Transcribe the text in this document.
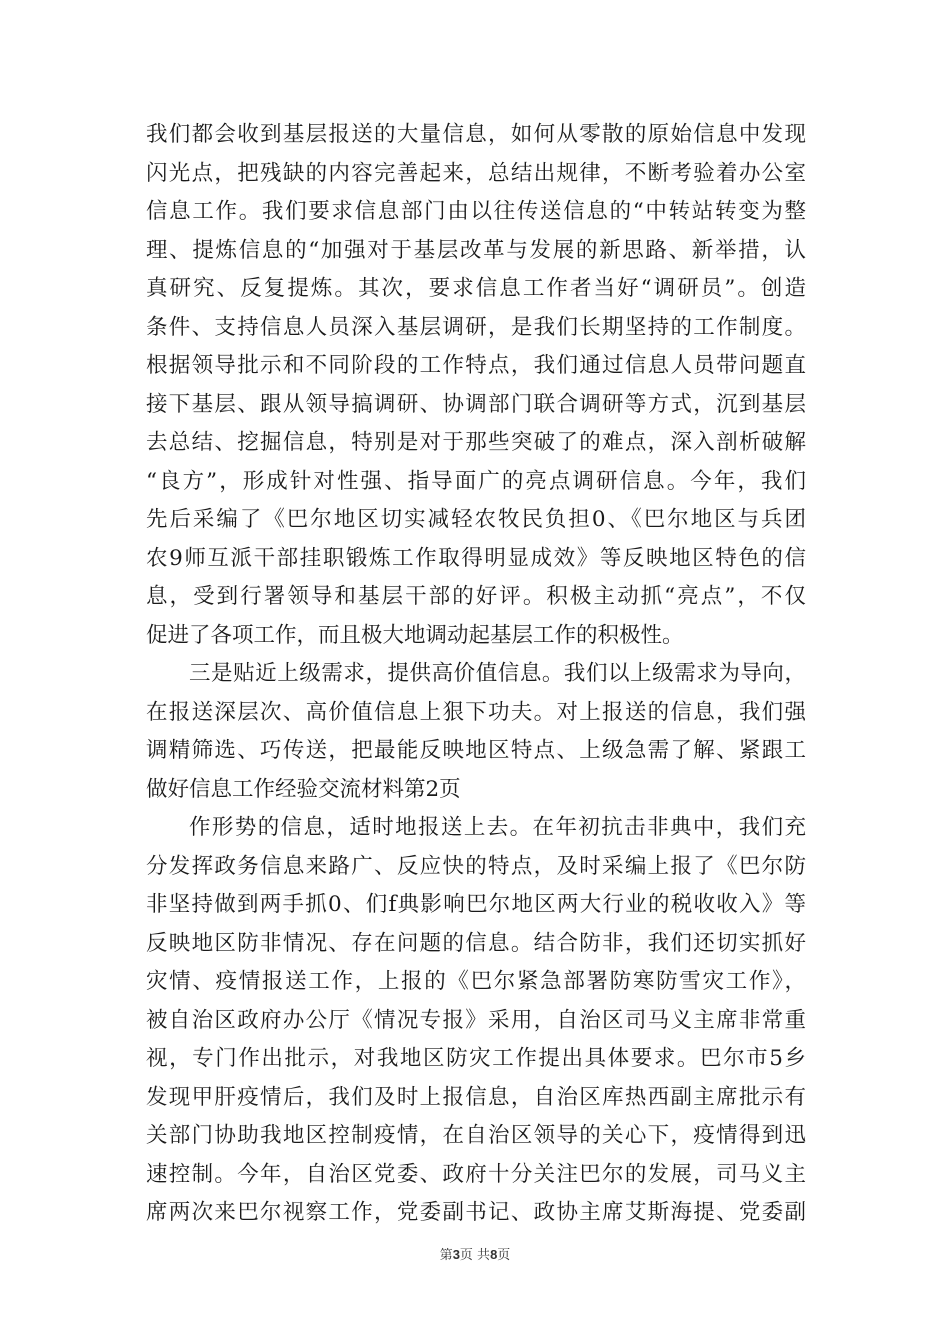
我们都会收到基层报送的大量信息，如何从零散的原始信息中发现
闪光点，把残缺的内容完善起来，总结出规律，不断考验着办公室
信息工作。我们要求信息部门由以往传送信息的“中转站转变为整
理、提炼信息的“加强对于基层改革与发展的新思路、新举措，认
真研究、反复提炼。其次，要求信息工作者当好“调研员”。创造
条件、支持信息人员深入基层调研，是我们长期坚持的工作制度。
根据领导批示和不同阶段的工作特点，我们通过信息人员带问题直
接下基层、跟从领导搞调研、协调部门联合调研等方式，沉到基层
去总结、挖掘信息，特别是对于那些突破了的难点，深入剖析破解
“良方”，形成针对性强、指导面广的亮点调研信息。今年，我们
先后采编了《巴尔地区切实减轻农牧民负担0、《巴尔地区与兵团
农9师互派干部挂职锻炼工作取得明显成效》等反映地区特色的信
息，受到行署领导和基层干部的好评。积极主动抓“亮点”，不仅
促进了各项工作，而且极大地调动起基层工作的积极性。
三是贴近上级需求，提供高价值信息。我们以上级需求为导向，
在报送深层次、高价值信息上狠下功夫。对上报送的信息，我们强
调精筛选、巧传送，把最能反映地区特点、上级急需了解、紧跟工
做好信息工作经验交流材料第2页
作形势的信息，适时地报送上去。在年初抗击非典中，我们充
分发挥政务信息来路广、反应快的特点，及时采编上报了《巴尔防
非坚持做到两手抓0、们f典影响巴尔地区两大行业的税收收入》等
反映地区防非情况、存在问题的信息。结合防非，我们还切实抓好
灾情、疫情报送工作，上报的《巴尔紧急部署防寒防雪灾工作》，
被自治区政府办公厅《情况专报》采用，自治区司马义主席非常重
视，专门作出批示，对我地区防灾工作提出具体要求。巴尔市5乡
发现甲肝疫情后，我们及时上报信息，自治区库热西副主席批示有
关部门协助我地区控制疫情，在自治区领导的关心下，疫情得到迅
速控制。今年，自治区党委、政府十分关注巴尔的发展，司马义主
席两次来巴尔视察工作，党委副书记、政协主席艾斯海提、党委副
第3页 共8页
